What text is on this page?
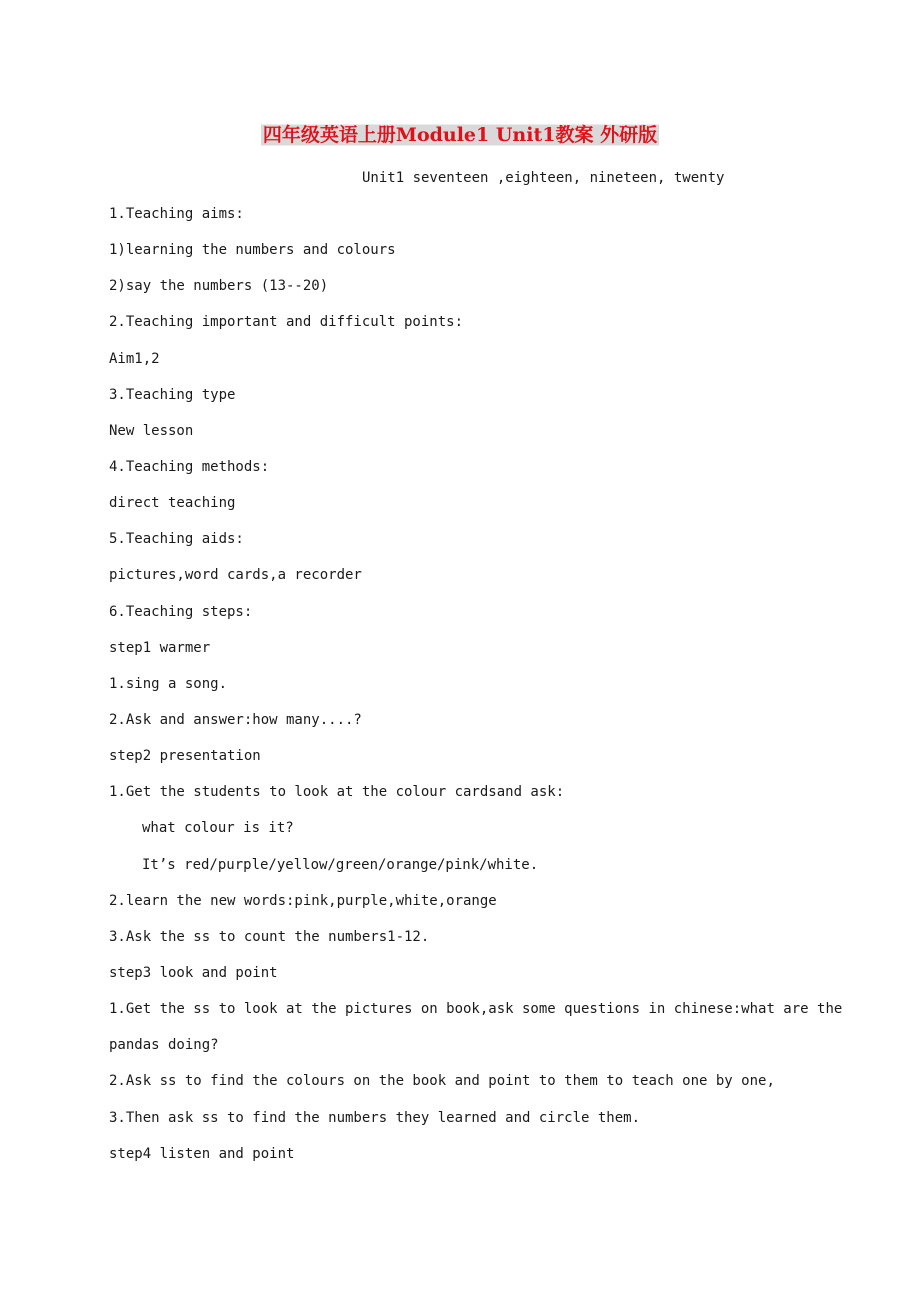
四年级英语上册Module1 Unit1教案 外研版
Unit1 seventeen ,eighteen, nineteen, twenty
1.Teaching aims:
1)learning the numbers and colours
2)say the numbers (13--20)
2.Teaching important and difficult points:
Aim1,2
3.Teaching type
New lesson
4.Teaching methods:
direct teaching
5.Teaching aids:
pictures,word cards,a recorder
6.Teaching steps:
step1 warmer
1.sing a song.
2.Ask and answer:how many....?
step2 presentation
1.Get the students to look at the colour cardsand ask:
what colour is it?
It’s red/purple/yellow/green/orange/pink/white.
2.learn the new words:pink,purple,white,orange
3.Ask the ss to count the numbers1-12.
step3 look and point
1.Get the ss to look at the pictures on book,ask some questions in chinese:what are the
pandas doing?
2.Ask ss to find the colours on the book and point to them to teach one by one,
3.Then ask ss to find the numbers they learned and circle them.
step4 listen and point
